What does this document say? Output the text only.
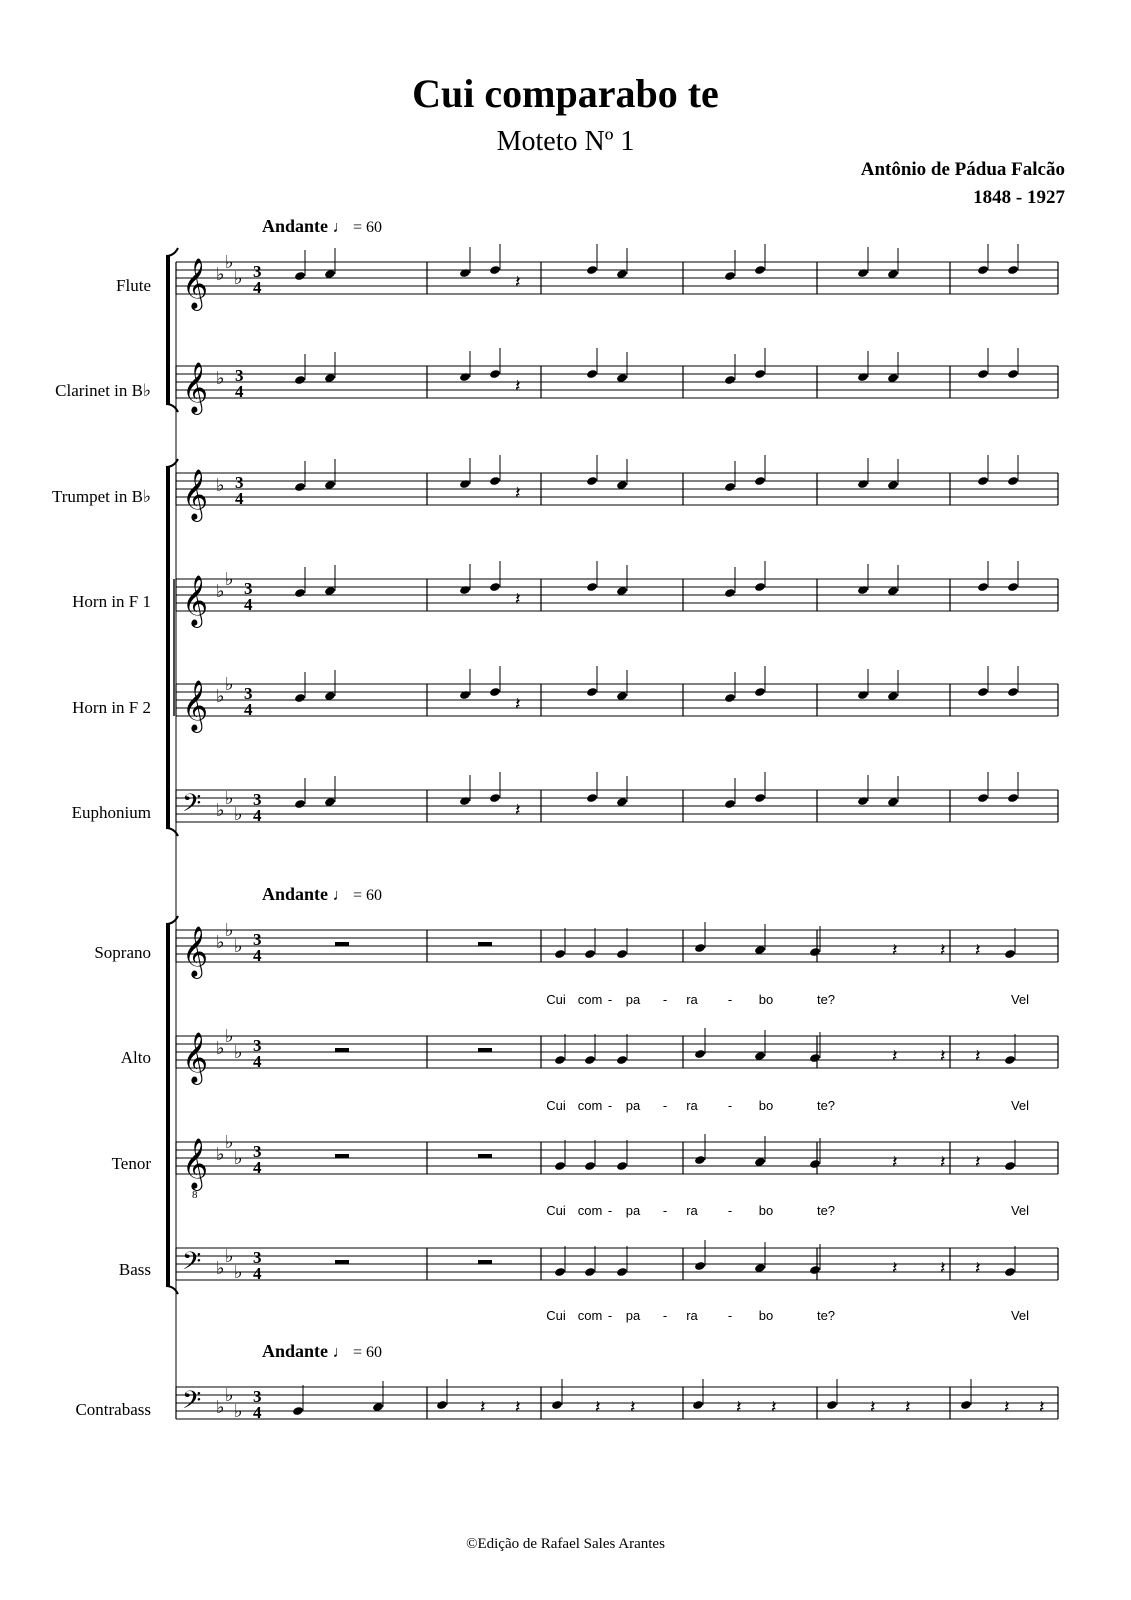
Cui comparabo te
Moteto Nº 1
Antônio de Pádua Falcão
1848 - 1927
Andante ♩ = 60
Andante ♩ = 60
Andante ♩ = 60
Flute
Clarinet in B♭
Trumpet in B♭
Horn in F 1
Horn in F 2
Euphonium
Soprano
Alto
Tenor
Bass
Contrabass
Cui com -	pa	-	ra	-	bo	te?	Vel
Cui com -	pa	-	ra	-	bo	te?	Vel
Cui com -	pa	-	ra	-	bo	te?	Vel
Cui com -	pa	-	ra	-	bo	te?	Vel
𝄞 ♭
♭
♭ 3
4
𝄞 ♭ 3
4
𝄞 ♭ 3
4
𝄞 ♭
♭ 3
4
𝄞 ♭
♭ 3
4
𝄢 ♭
♭
♭
3
4
𝄞 ♭
♭
♭ 3
4
𝄞 ♭
♭
♭ 3
4
𝄞
8
♭
♭
♭ 3
4
𝄢 ♭
♭
♭
3
4
𝄢 ♭
♭
♭
3
4
𝄽
𝄽
𝄽
𝄽
𝄽
𝄽
𝄽 𝄽 𝄽
𝄽 𝄽 𝄽
𝄽 𝄽 𝄽
𝄽 𝄽 𝄽
𝄽 𝄽	𝄽 𝄽	𝄽 𝄽	𝄽 𝄽	𝄽 𝄽
©Edição de Rafael Sales Arantes
